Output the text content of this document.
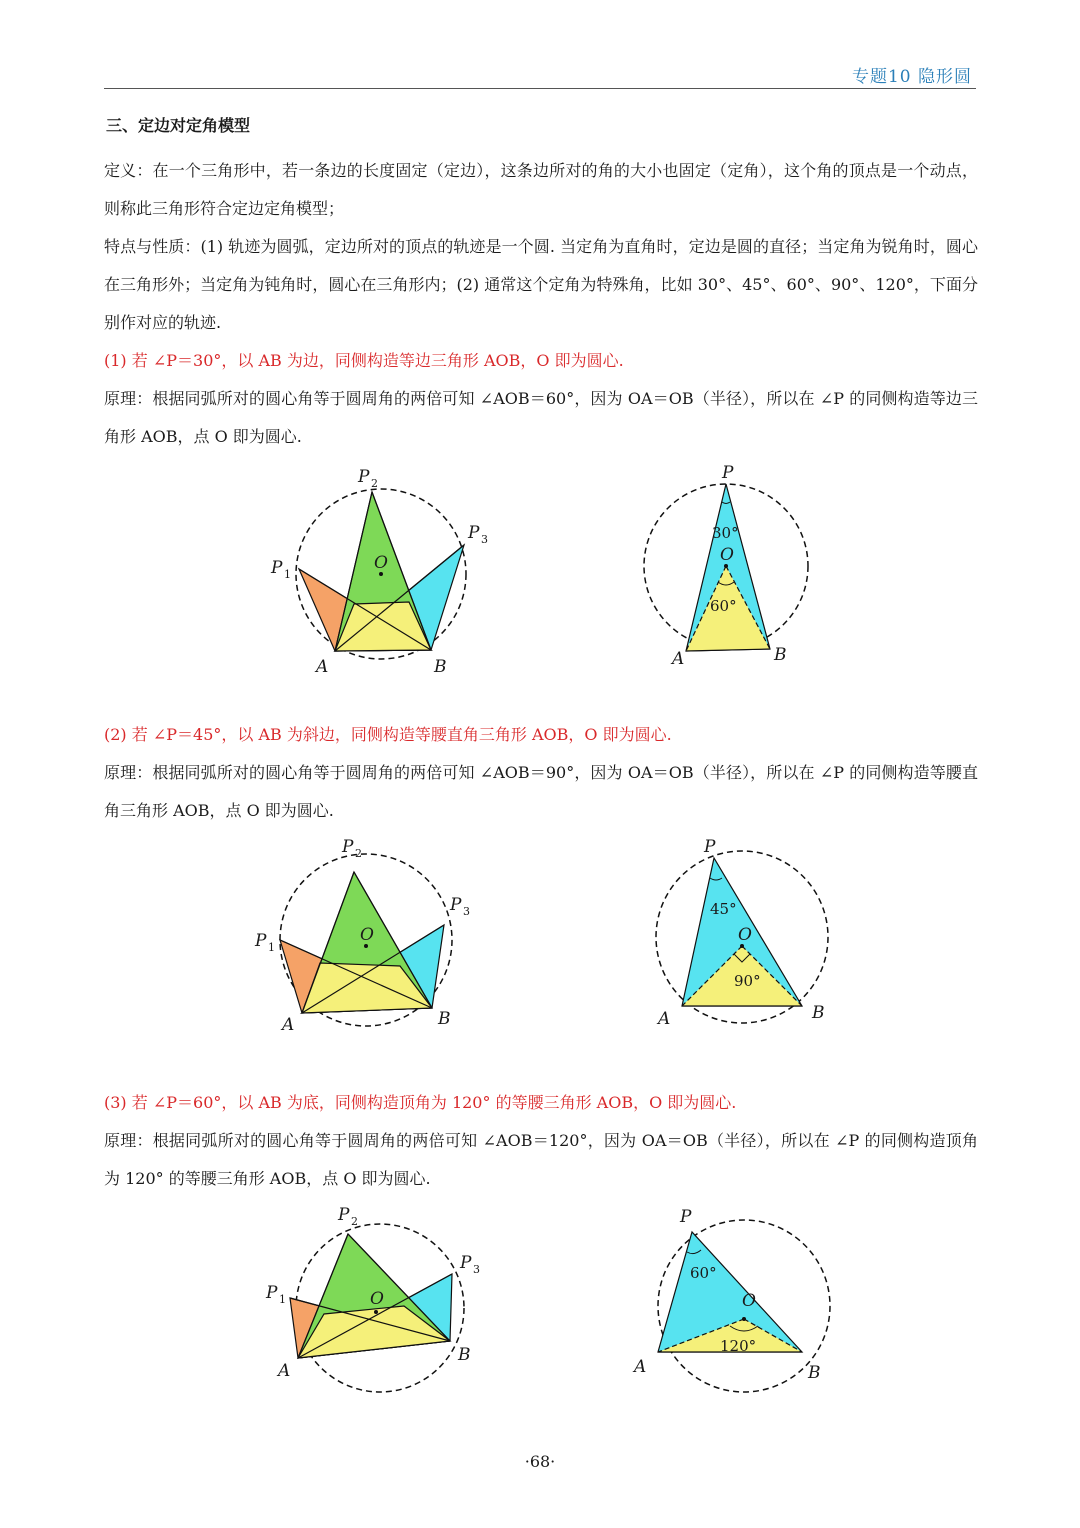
专题10 隐形圆
三、定边对定角模型

定义：在一个三角形中，若一条边的长度固定（定边），这条边所对的角的大小也固定（定角），这个角的顶点是一个动点，则称此三角形符合定边定角模型；

特点与性质：(1) 轨迹为圆弧，定边所对的顶点的轨迹是一个圆. 当定角为直角时，定边是圆的直径；当定角为锐角时，圆心在三角形外；当定角为钝角时，圆心在三角形内；(2) 通常这个定角为特殊角，比如 30°、45°、60°、90°、120°，下面分别作对应的轨迹.

(1) 若 ∠P＝30°，以 AB 为边，同侧构造等边三角形 AOB，O 即为圆心.

原理：根据同弧所对的圆心角等于圆周角的两倍可知 ∠AOB＝60°，因为 OA＝OB（半径），所以在 ∠P 的同侧构造等边三角形 AOB，点 O 即为圆心.

P 2
P 3
P 1
O
A	B
P
30°
O
60°
A	B

(2) 若 ∠P＝45°，以 AB 为斜边，同侧构造等腰直角三角形 AOB，O 即为圆心.

原理：根据同弧所对的圆心角等于圆周角的两倍可知 ∠AOB＝90°，因为 OA＝OB（半径），所以在 ∠P 的同侧构造等腰直角三角形 AOB，点 O 即为圆心.

P 2
P 3
P 1
O
A	B
P
45°
O
90°
A	B

(3) 若 ∠P＝60°，以 AB 为底，同侧构造顶角为 120° 的等腰三角形 AOB，O 即为圆心.

原理：根据同弧所对的圆心角等于圆周角的两倍可知 ∠AOB＝120°，因为 OA＝OB（半径），所以在 ∠P 的同侧构造顶角为 120° 的等腰三角形 AOB，点 O 即为圆心.

P 2
P 3
P 1	O
A
B
P
60°
O
120°
A	B
·68·
